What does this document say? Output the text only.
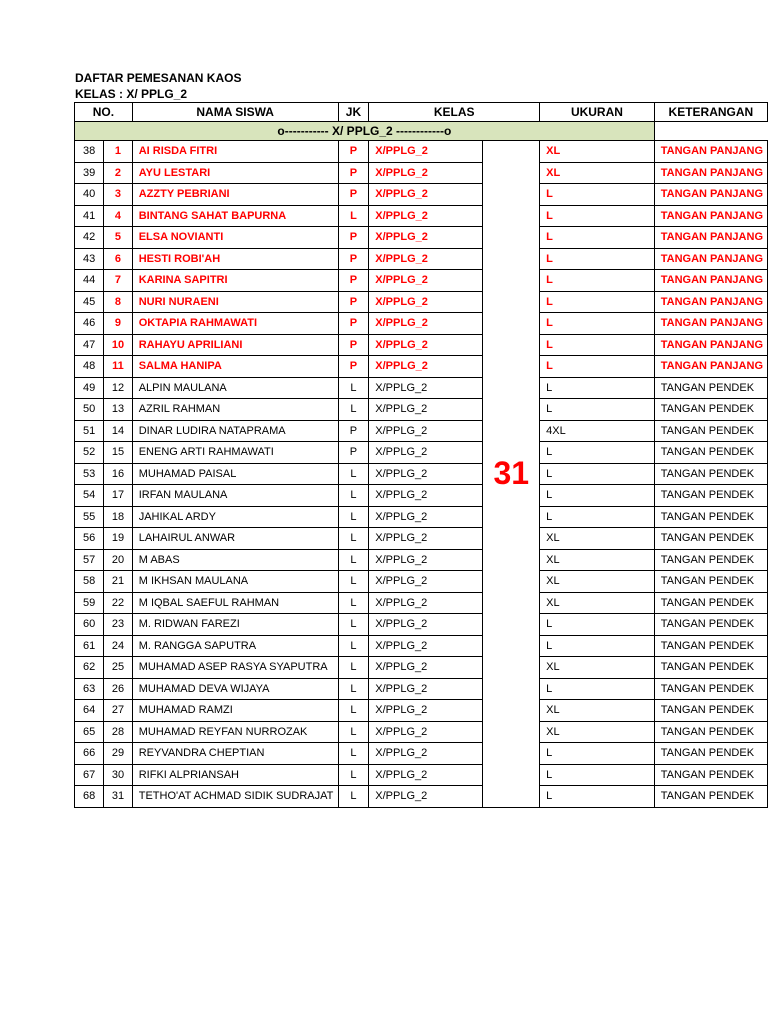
DAFTAR PEMESANAN KAOS
KELAS : X/ PPLG_2
NO.		NAMA SISWA	JK	KELAS		UKURAN	KETERANGAN
o----------- X/ PPLG_2 ------------o							
38	1	AI RISDA FITRI	P	X/PPLG_2	31	XL	TANGAN PANJANG
39	2	AYU LESTARI	P	X/PPLG_2		XL	TANGAN PANJANG
40	3	AZZTY PEBRIANI	P	X/PPLG_2		L	TANGAN PANJANG
41	4	BINTANG SAHAT BAPURNA	L	X/PPLG_2		L	TANGAN PANJANG
42	5	ELSA NOVIANTI	P	X/PPLG_2		L	TANGAN PANJANG
43	6	HESTI ROBI'AH	P	X/PPLG_2		L	TANGAN PANJANG
44	7	KARINA SAPITRI	P	X/PPLG_2		L	TANGAN PANJANG
45	8	NURI NURAENI	P	X/PPLG_2		L	TANGAN PANJANG
46	9	OKTAPIA RAHMAWATI	P	X/PPLG_2		L	TANGAN PANJANG
47	10	RAHAYU APRILIANI	P	X/PPLG_2		L	TANGAN PANJANG
48	11	SALMA HANIPA	P	X/PPLG_2		L	TANGAN PANJANG
49	12	ALPIN MAULANA	L	X/PPLG_2		L	TANGAN PENDEK
50	13	AZRIL RAHMAN	L	X/PPLG_2		L	TANGAN PENDEK
51	14	DINAR LUDIRA NATAPRAMA	P	X/PPLG_2		4XL	TANGAN PENDEK
52	15	ENENG ARTI RAHMAWATI	P	X/PPLG_2		L	TANGAN PENDEK
53	16	MUHAMAD PAISAL	L	X/PPLG_2		L	TANGAN PENDEK
54	17	IRFAN MAULANA	L	X/PPLG_2		L	TANGAN PENDEK
55	18	JAHIKAL ARDY	L	X/PPLG_2		L	TANGAN PENDEK
56	19	LAHAIRUL ANWAR	L	X/PPLG_2		XL	TANGAN PENDEK
57	20	M ABAS	L	X/PPLG_2		XL	TANGAN PENDEK
58	21	M IKHSAN MAULANA	L	X/PPLG_2		XL	TANGAN PENDEK
59	22	M IQBAL SAEFUL RAHMAN	L	X/PPLG_2		XL	TANGAN PENDEK
60	23	M. RIDWAN FAREZI	L	X/PPLG_2		L	TANGAN PENDEK
61	24	M. RANGGA SAPUTRA	L	X/PPLG_2		L	TANGAN PENDEK
62	25	MUHAMAD ASEP RASYA SYAPUTRA	L	X/PPLG_2		XL	TANGAN PENDEK
63	26	MUHAMAD DEVA WIJAYA	L	X/PPLG_2		L	TANGAN PENDEK
64	27	MUHAMAD RAMZI	L	X/PPLG_2		XL	TANGAN PENDEK
65	28	MUHAMAD REYFAN NURROZAK	L	X/PPLG_2		XL	TANGAN PENDEK
66	29	REYVANDRA CHEPTIAN	L	X/PPLG_2		L	TANGAN PENDEK
67	30	RIFKI ALPRIANSAH	L	X/PPLG_2		L	TANGAN PENDEK
68	31	TETHO'AT ACHMAD SIDIK SUDRAJAT	L	X/PPLG_2		L	TANGAN PENDEK
